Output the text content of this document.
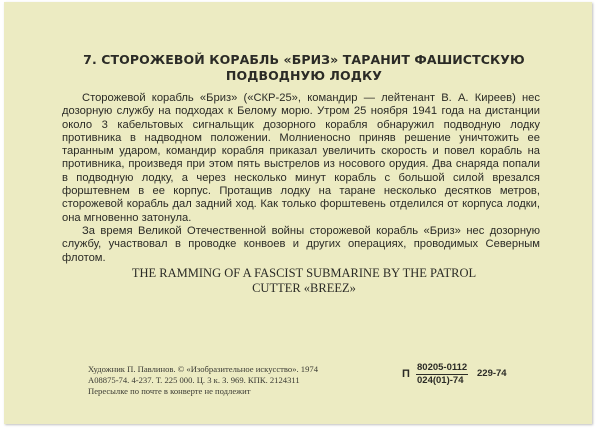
7. СТОРОЖЕВОЙ КОРАБЛЬ «БРИЗ» ТАРАНИТ ФАШИСТСКУЮ
ПОДВОДНУЮ ЛОДКУ

Сторожевой корабль «Бриз» («СКР-25», командир — лейтенант В. А. Киреев) нес дозорную службу на подходах к Белому морю. Утром 25 ноября 1941 года на дистанции около 3 кабельтовых сигнальщик дозорного корабля обнаружил подводную лодку противника в надводном положении. Молниеносно приняв решение уничтожить ее таранным ударом, командир корабля приказал увеличить скорость и повел корабль на противника, произведя при этом пять выстрелов из носового орудия. Два снаряда попали в подводную лодку, а через несколько минут корабль с большой силой врезался форштевнем в ее корпус. Протащив лодку на таране несколько десятков метров, сторожевой корабль дал задний ход. Как только форштевень отделился от корпуса лодки, она мгновенно затонула.

За время Великой Отечественной войны сторожевой корабль «Бриз» нес дозорную службу, участвовал в проводке конвоев и других операциях, проводимых Северным флотом.

THE RAMMING OF A FASCIST SUBMARINE BY THE PATROL
CUTTER «BREEZ»
Художник П. Павлинов. © «Изобразительное искусство». 1974
А08875-74. 4-237. Т. 225 000. Ц. 3 к. З. 969. КПК. 2124311
Пересылке по почте в конверте не подлежит
П
80205-0112
024(01)-74
229-74
